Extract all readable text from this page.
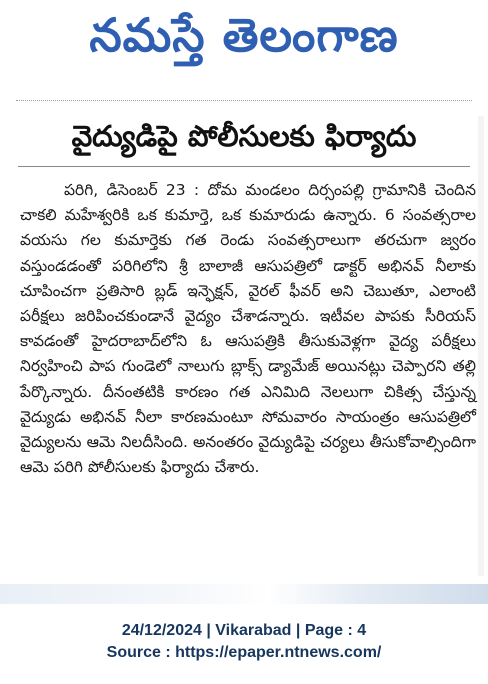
నమస్తే తెలంగాణ
వైద్యుడిపై పోలీసులకు ఫిర్యాదు

పరిగి, డిసెంబర్ 23 : దోమ మండలం దిర్సంపల్లి గ్రామానికి చెందిన చాకలి మహేశ్వరికి ఒక కుమార్తె, ఒక కుమారుడు ఉన్నారు. 6 సంవత్సరాల వయసు గల కుమార్తెకు గత రెండు సంవత్సరాలుగా తరచుగా జ్వరం వస్తుండడంతో పరిగిలోని శ్రీ బాలాజీ ఆసుపత్రిలో డాక్టర్ అభినవ్ నీలాకు చూపించగా ప్రతిసారి బ్లడ్ ఇన్ఫెక్షన్, వైరల్ ఫీవర్ అని చెబుతూ, ఎలాంటి పరీక్షలు జరిపించకుండానే వైద్యం చేశాడన్నారు. ఇటీవల పాపకు సీరియస్ కావడంతో హైదరాబాద్‌లోని ఓ ఆసుపత్రికి తీసుకువెళ్లగా వైద్య పరీక్షలు నిర్వహించి పాప గుండెలో నాలుగు బ్లాక్స్ డ్యామేజ్ అయినట్లు చెప్పారని తల్లి పేర్కొన్నారు. దీనంతటికి కారణం గత ఎనిమిది నెలలుగా చికిత్స చేస్తున్న వైద్యుడు అభినవ్ నీలా కారణమంటూ సోమవారం సాయంత్రం ఆసుపత్రిలో వైద్యులను ఆమె నిలదీసింది. అనంతరం వైద్యుడిపై చర్యలు తీసుకోవాల్సిందిగా ఆమె పరిగి పోలీసులకు ఫిర్యాదు చేశారు.

24/12/2024 | Vikarabad | Page : 4
Source : https://epaper.ntnews.com/
